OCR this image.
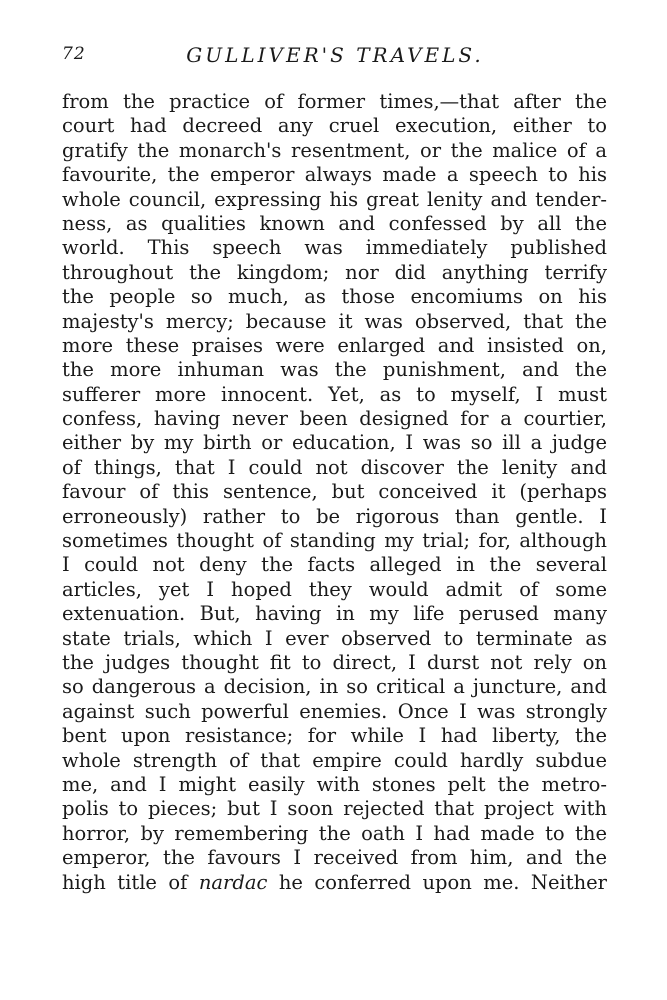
72	GULLIVER'S TRAVELS.
from the practice of former times,—that after the
court had decreed any cruel execution, either to
gratify the monarch's resentment, or the malice of a
favourite, the emperor always made a speech to his
whole council, expressing his great lenity and tender-
ness, as qualities known and confessed by all the
world. This speech was immediately published
throughout the kingdom; nor did anything terrify
the people so much, as those encomiums on his
majesty's mercy; because it was observed, that the
more these praises were enlarged and insisted on,
the more inhuman was the punishment, and the
sufferer more innocent. Yet, as to myself, I must
confess, having never been designed for a courtier,
either by my birth or education, I was so ill a judge
of things, that I could not discover the lenity and
favour of this sentence, but conceived it (perhaps
erroneously) rather to be rigorous than gentle. I
sometimes thought of standing my trial; for, although
I could not deny the facts alleged in the several
articles, yet I hoped they would admit of some
extenuation. But, having in my life perused many
state trials, which I ever observed to terminate as
the judges thought fit to direct, I durst not rely on
so dangerous a decision, in so critical a juncture, and
against such powerful enemies. Once I was strongly
bent upon resistance; for while I had liberty, the
whole strength of that empire could hardly subdue
me, and I might easily with stones pelt the metro-
polis to pieces; but I soon rejected that project with
horror, by remembering the oath I had made to the
emperor, the favours I received from him, and the
high title of nardac he conferred upon me. Neither
